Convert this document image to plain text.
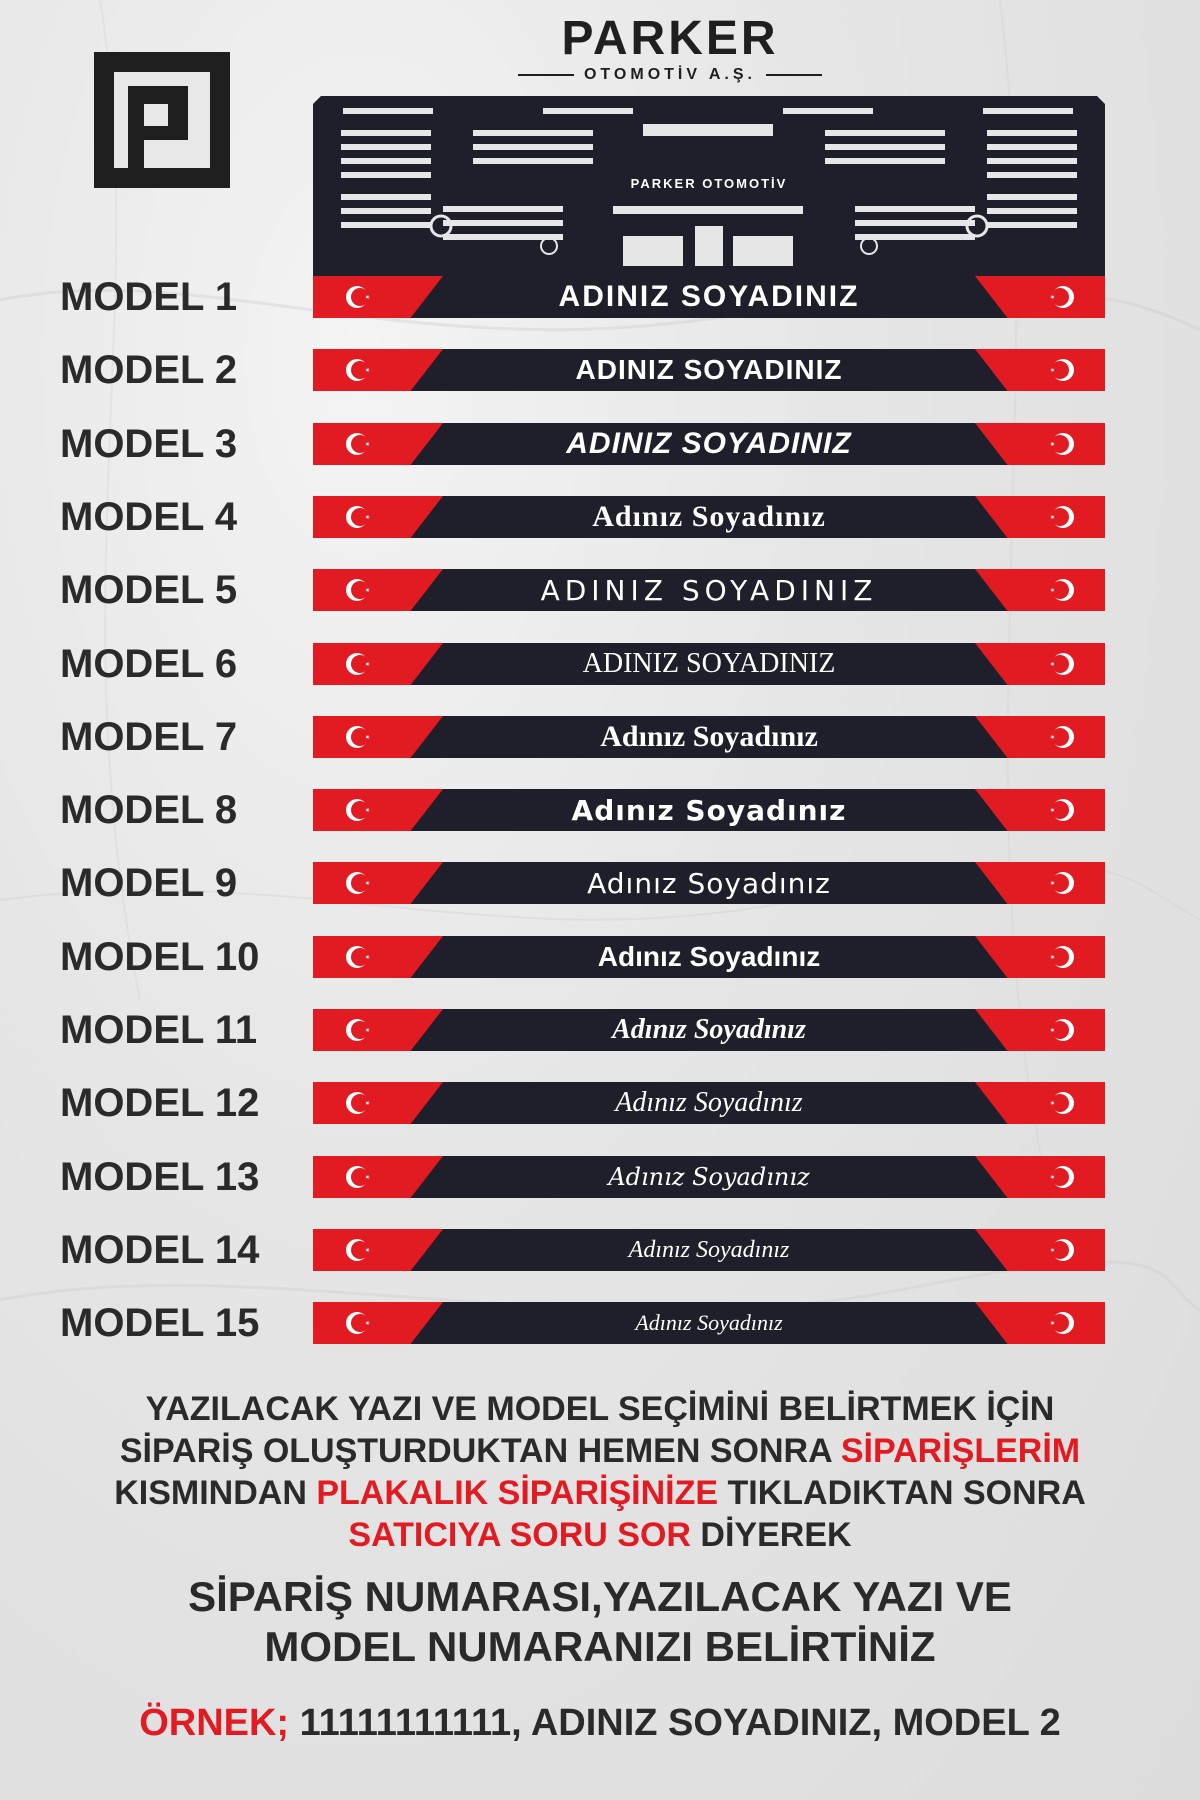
PARKER
OTOMOTİV A.Ş.
PARKER OTOMOTİV
MODEL 1	ADINIZ SOYADINIZ
MODEL 2	ADINIZ SOYADINIZ
MODEL 3	ADINIZ SOYADINIZ
MODEL 4	Adınız Soyadınız
MODEL 5	ADINIZ SOYADINIZ
MODEL 6	ADINIZ SOYADINIZ
MODEL 7	Adınız Soyadınız
MODEL 8	Adınız Soyadınız
MODEL 9	Adınız Soyadınız
MODEL 10	Adınız Soyadınız
MODEL 11	Adınız Soyadınız
MODEL 12	Adınız Soyadınız
MODEL 13	Adınız Soyadınız
MODEL 14	Adınız Soyadınız
MODEL 15	Adınız Soyadınız
YAZILACAK YAZI VE MODEL SEÇİMİNİ BELİRTMEK İÇİN
SİPARİŞ OLUŞTURDUKTAN HEMEN SONRA SİPARİŞLERİM
KISMINDAN PLAKALIK SİPARİŞİNİZE TIKLADIKTAN SONRA
SATICIYA SORU SOR DİYEREK
SİPARİŞ NUMARASI,YAZILACAK YAZI VE
MODEL NUMARANIZI BELİRTİNİZ
ÖRNEK; 11111111111, ADINIZ SOYADINIZ, MODEL 2
